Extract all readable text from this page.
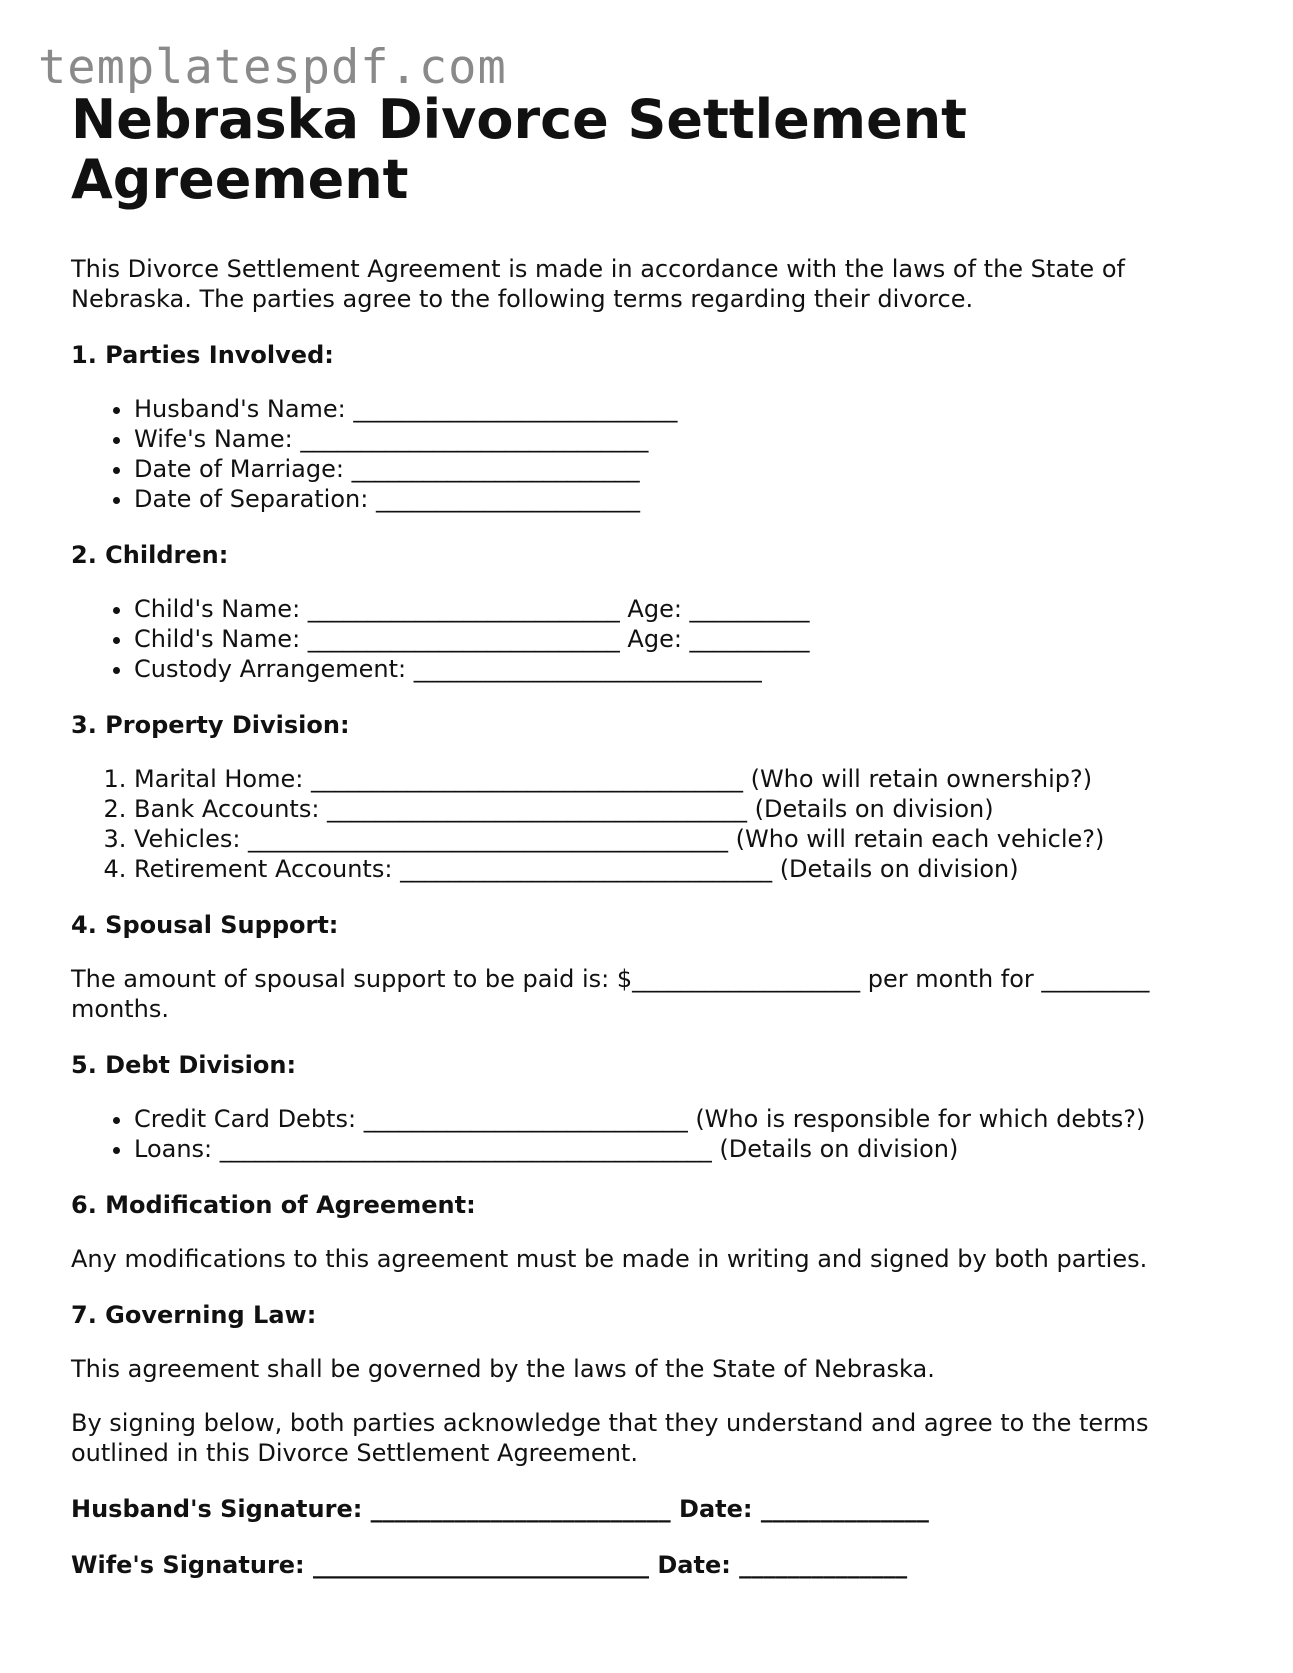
templatespdf.com
Nebraska Divorce Settlement Agreement

This Divorce Settlement Agreement is made in accordance with the laws of the State of Nebraska. The parties agree to the following terms regarding their divorce.

1. Parties Involved:
• Husband's Name: ___________________________
• Wife's Name: _____________________________
• Date of Marriage: ________________________
• Date of Separation: ______________________
2. Children:
• Child's Name: __________________________ Age: __________
• Child's Name: __________________________ Age: __________
• Custody Arrangement: _____________________________
3. Property Division:
1. Marital Home: ____________________________________ (Who will retain ownership?)
2. Bank Accounts: ___________________________________ (Details on division)
3. Vehicles: ________________________________________ (Who will retain each vehicle?)
4. Retirement Accounts: _______________________________ (Details on division)
4. Spousal Support:

The amount of spousal support to be paid is: $___________________ per month for _________ months.

5. Debt Division:
• Credit Card Debts: ___________________________ (Who is responsible for which debts?)
• Loans: _________________________________________ (Details on division)
6. Modification of Agreement:

Any modifications to this agreement must be made in writing and signed by both parties.

7. Governing Law:

This agreement shall be governed by the laws of the State of Nebraska.

By signing below, both parties acknowledge that they understand and agree to the terms outlined in this Divorce Settlement Agreement.

Husband's Signature: _________________________ Date: ______________
Wife's Signature: ____________________________ Date: ______________
